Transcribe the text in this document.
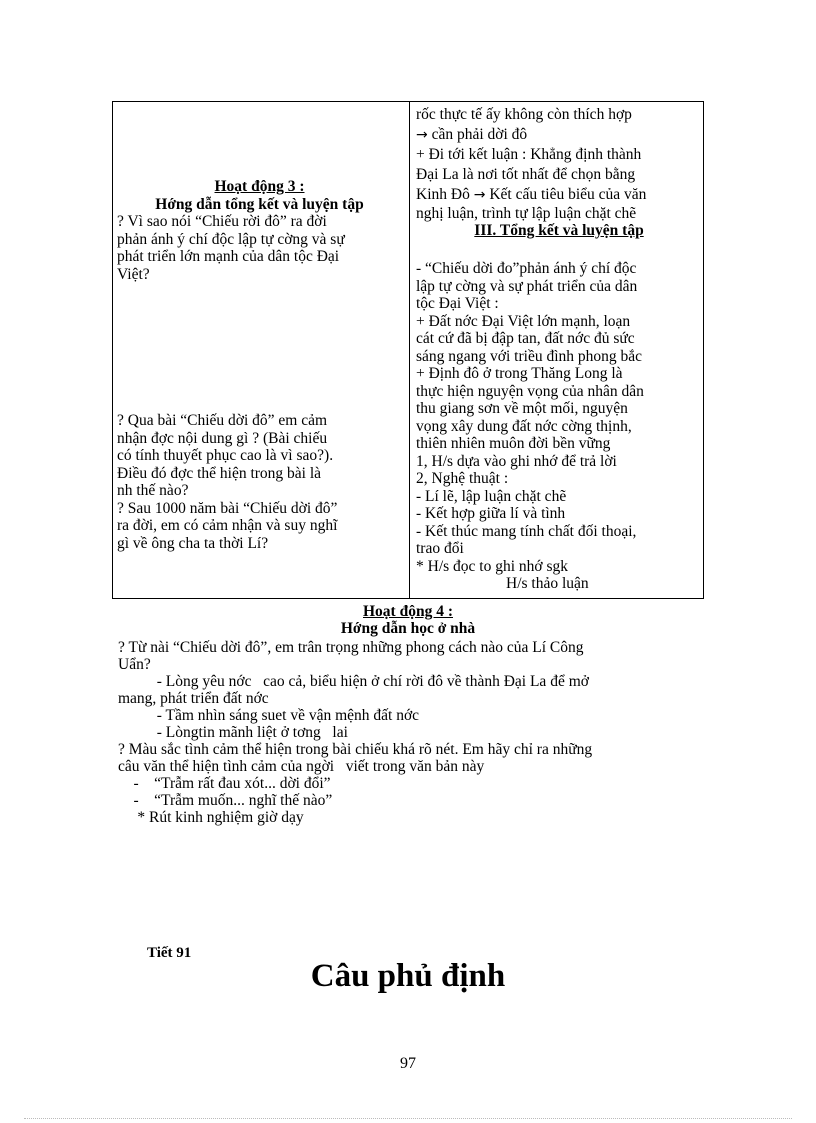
Hoạt động 3 :
Hớng dẫn tổng kết và luyện tập
? Vì sao nói “Chiếu rời đô” ra đời
phản ánh ý chí độc lập tự cờng và sự
phát triển lớn mạnh của dân tộc Đại
Việt?
? Qua bài “Chiếu dời đô” em cảm
nhận đợc nội dung gì ? (Bài chiếu
có tính thuyết phục cao là vì sao?).
Điều đó đợc thể hiện trong bài là
nh thế nào?
? Sau 1000 năm bài “Chiếu dời đô”
ra đời, em có cảm nhận và suy nghĩ
gì về ông cha ta thời Lí?
rốc thực tế ấy không còn thích hợp
→ cần phải dời đô
+ Đi tới kết luận : Khẳng định thành
Đại La là nơi tốt nhất để chọn bằng
Kinh Đô → Kết cấu tiêu biểu của văn
nghị luận, trình tự lập luận chặt chẽ
III. Tổng kết và luyện tập
- “Chiếu dời đo”phản ánh ý chí độc
lập tự cờng và sự phát triển của dân
tộc Đại Việt :
+ Đất nớc Đại Việt lớn mạnh, loạn
cát cứ đã bị đập tan, đất nớc đủ sức
sáng ngang với triều đình phong bắc
+ Định đô ở trong Thăng Long là
thực hiện nguyện vọng của nhân dân
thu giang sơn về một mối, nguyện
vọng xây dung đất nớc cờng thịnh,
thiên nhiên muôn đời bền vững
1, H/s dựa vào ghi nhớ để trả lời
2, Nghệ thuật :
- Lí lẽ, lập luận chặt chẽ
- Kết hợp giữa lí và tình
- Kết thúc mang tính chất đối thoại,
trao đổi
* H/s đọc to ghi nhớ sgk
H/s thảo luận
Hoạt động 4 :
Hớng dẫn học ở nhà
? Từ nài “Chiếu dời đô”, em trân trọng những phong cách nào của Lí Công
Uẩn?
- Lòng yêu nớc   cao cả, biểu hiện ở chí rời đô về thành Đại La để mở
mang, phát triển đất nớc
- Tầm nhìn sáng suet về vận mệnh đất nớc
- Lòngtin mãnh liệt ở tơng   lai
? Màu sắc tình cảm thể hiện trong bài chiếu khá rõ nét. Em hãy chỉ ra những
câu văn thể hiện tình cảm của ngời   viết trong văn bản này
-    “Trẫm rất đau xót... dời đổi”
-    “Trẫm muốn... nghĩ thế nào”
* Rút kinh nghiệm giờ dạy
Tiết 91
Câu phủ định
97
